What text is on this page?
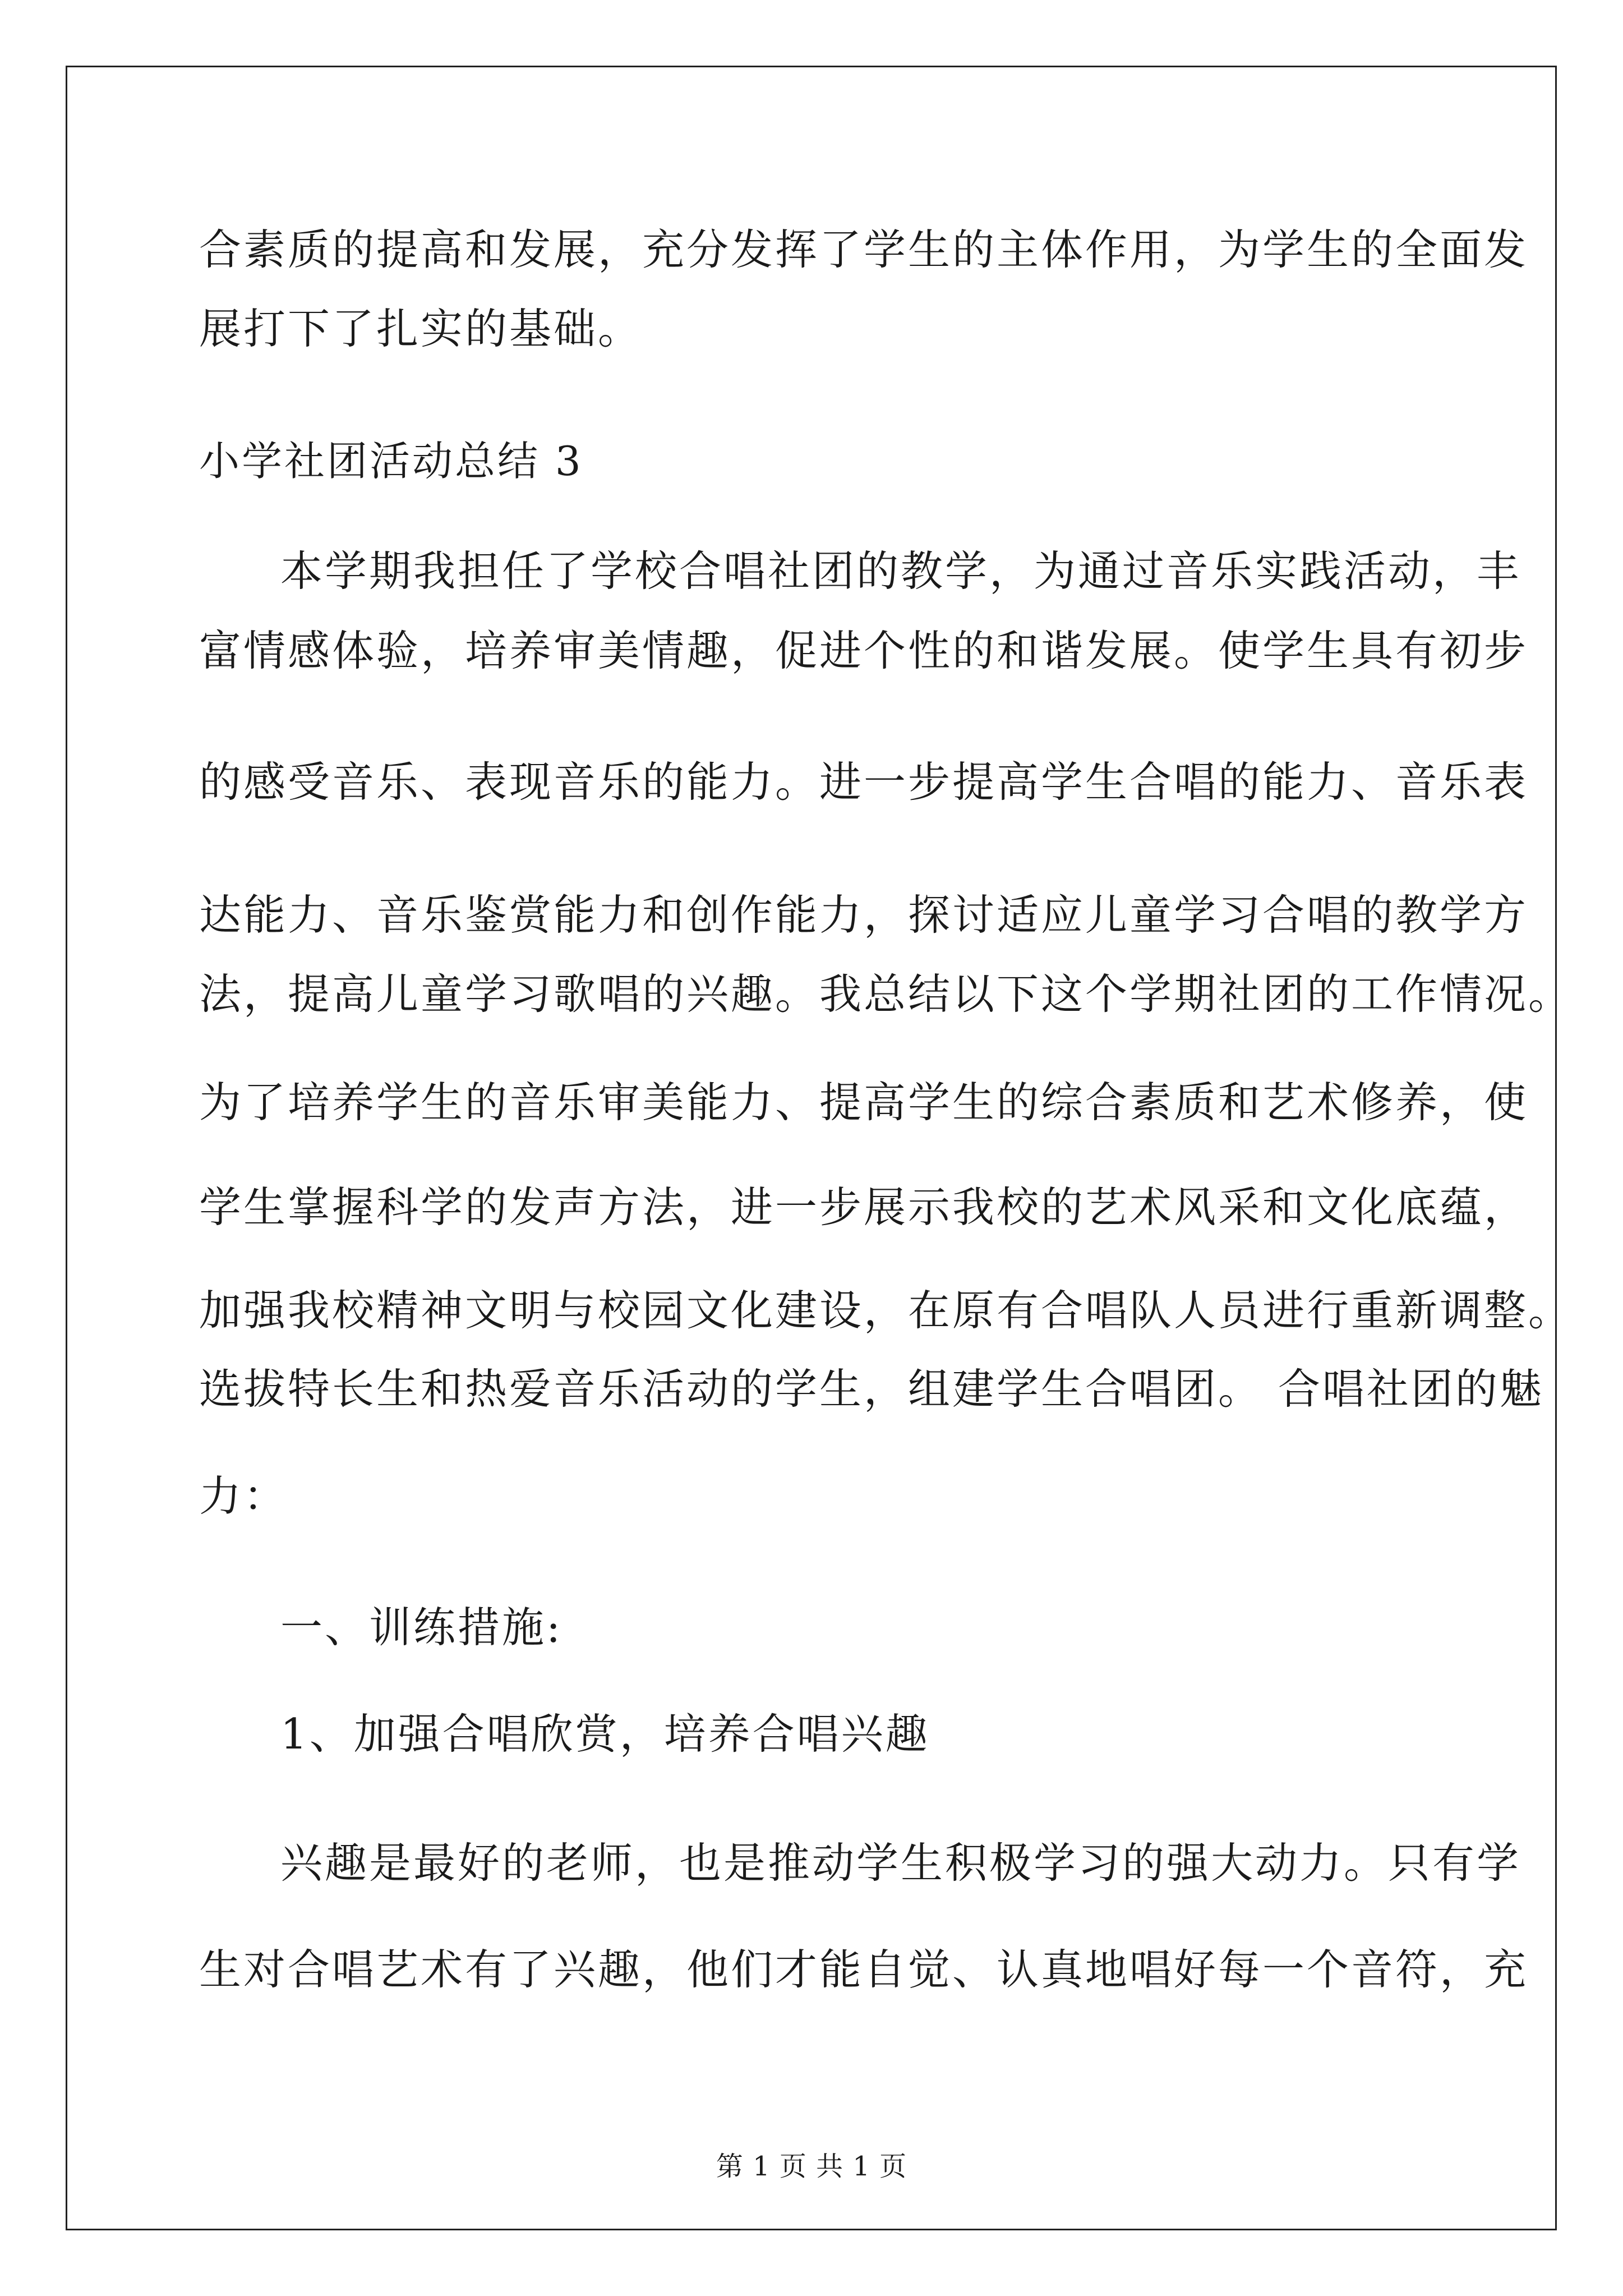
合素质的提高和发展，充分发挥了学生的主体作用，为学生的全面发
展打下了扎实的基础。
小学社团活动总结 3
本学期我担任了学校合唱社团的教学，为通过音乐实践活动，丰
富情感体验，培养审美情趣，促进个性的和谐发展。使学生具有初步
的感受音乐、表现音乐的能力。进一步提高学生合唱的能力、音乐表
达能力、音乐鉴赏能力和创作能力，探讨适应儿童学习合唱的教学方
法，提高儿童学习歌唱的兴趣。我总结以下这个学期社团的工作情况。
为了培养学生的音乐审美能力、提高学生的综合素质和艺术修养，使
学生掌握科学的发声方法，进一步展示我校的艺术风采和文化底蕴，
加强我校精神文明与校园文化建设，在原有合唱队人员进行重新调整。
选拔特长生和热爱音乐活动的学生，组建学生合唱团。 合唱社团的魅
力：
一、训练措施:
1、加强合唱欣赏，培养合唱兴趣
兴趣是最好的老师，也是推动学生积极学习的强大动力。只有学
生对合唱艺术有了兴趣，他们才能自觉、认真地唱好每一个音符，充
第 1 页 共 1 页
